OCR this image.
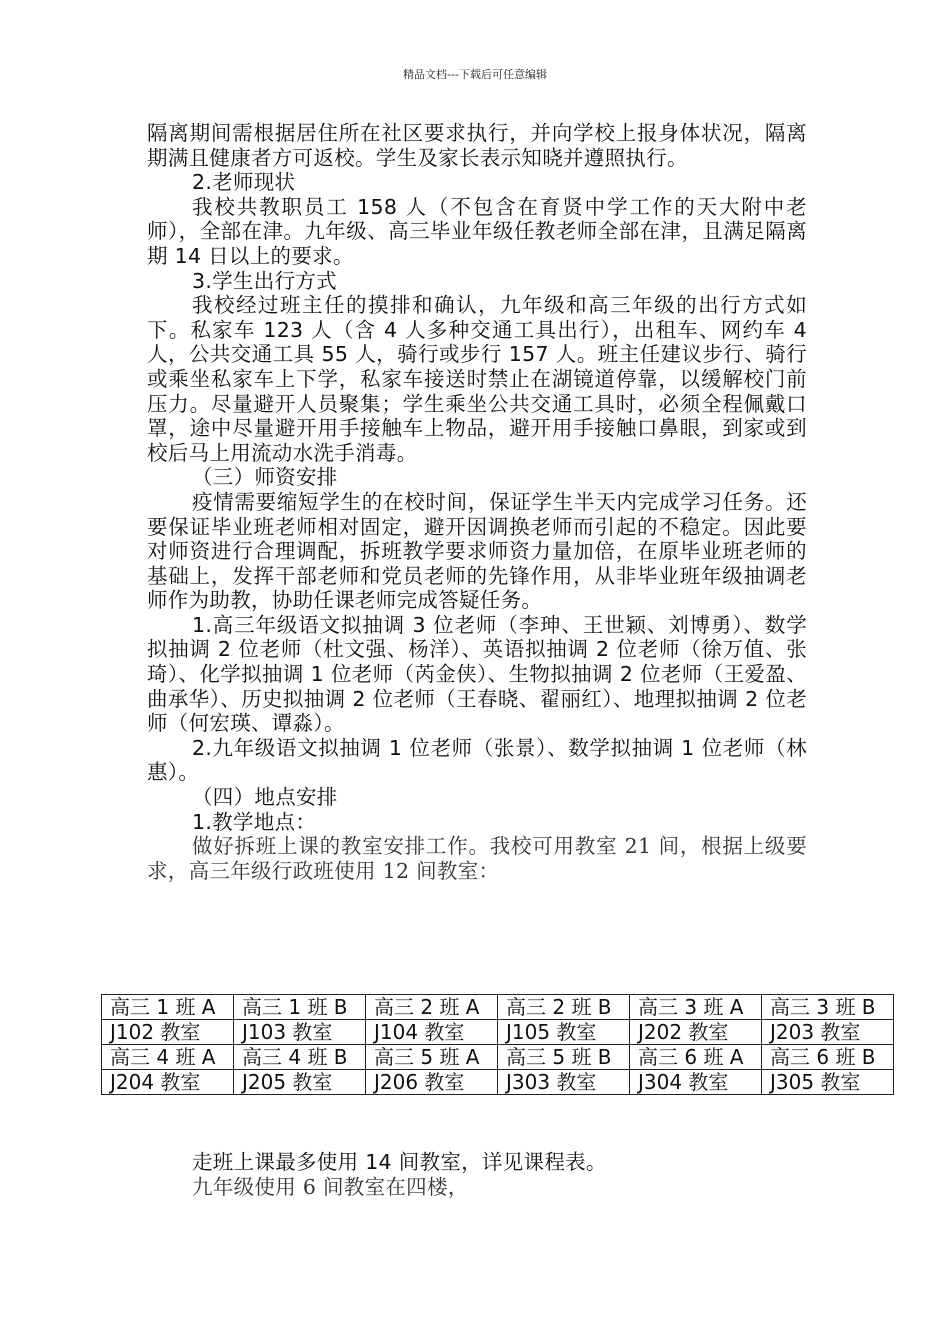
精品文档---下载后可任意编辑

隔离期间需根据居住所在社区要求执行，并向学校上报身体状况，隔离期满且健康者方可返校。学生及家长表示知晓并遵照执行。

2.老师现状

我校共教职员工 158 人（不包含在育贤中学工作的天大附中老师），全部在津。九年级、高三毕业年级任教老师全部在津，且满足隔离期 14 日以上的要求。

3.学生出行方式

我校经过班主任的摸排和确认，九年级和高三年级的出行方式如下。私家车 123 人（含 4 人多种交通工具出行），出租车、网约车 4 人，公共交通工具 55 人，骑行或步行 157 人。班主任建议步行、骑行或乘坐私家车上下学，私家车接送时禁止在湖镜道停靠，以缓解校门前压力。尽量避开人员聚集；学生乘坐公共交通工具时，必须全程佩戴口罩，途中尽量避开用手接触车上物品，避开用手接触口鼻眼，到家或到校后马上用流动水洗手消毒。

（三）师资安排

疫情需要缩短学生的在校时间，保证学生半天内完成学习任务。还要保证毕业班老师相对固定，避开因调换老师而引起的不稳定。因此要对师资进行合理调配，拆班教学要求师资力量加倍，在原毕业班老师的基础上，发挥干部老师和党员老师的先锋作用，从非毕业班年级抽调老师作为助教，协助任课老师完成答疑任务。

1.高三年级语文拟抽调 3 位老师（李珅、王世颖、刘博勇）、数学拟抽调 2 位老师（杜文强、杨洋）、英语拟抽调 2 位老师（徐万值、张琦）、化学拟抽调 1 位老师（芮金侠）、生物拟抽调 2 位老师（王爱盈、曲承华）、历史拟抽调 2 位老师（王春晓、翟丽红）、地理拟抽调 2 位老师（何宏瑛、谭淼）。

2.九年级语文拟抽调 1 位老师（张景）、数学拟抽调 1 位老师（林惠）。

（四）地点安排

1.教学地点：

做好拆班上课的教室安排工作。我校可用教室 21 间，根据上级要求，高三年级行政班使用 12 间教室：

高三 1 班 A	高三 1 班 B	高三 2 班 A	高三 2 班 B	高三 3 班 A	高三 3 班 B
J102 教室	J103 教室	J104 教室	J105 教室	J202 教室	J203 教室
高三 4 班 A	高三 4 班 B	高三 5 班 A	高三 5 班 B	高三 6 班 A	高三 6 班 B
J204 教室	J205 教室	J206 教室	J303 教室	J304 教室	J305 教室

走班上课最多使用 14 间教室，详见课程表。

九年级使用 6 间教室在四楼，
